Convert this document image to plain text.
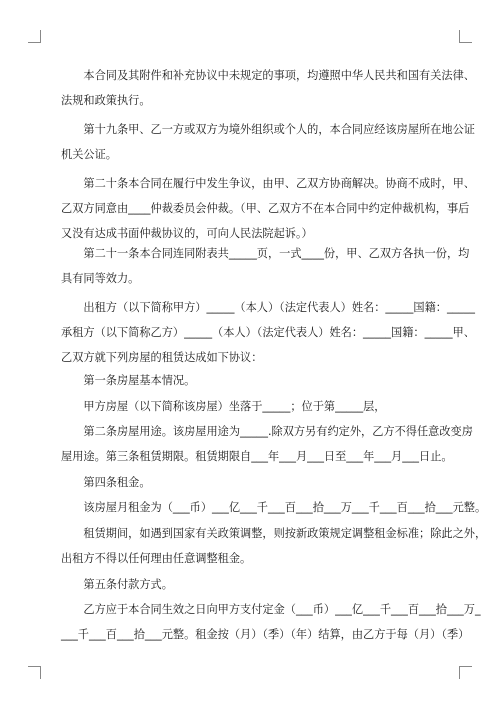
　　本合同及其附件和补充协议中未规定的事项，均遵照中华人民共和国有关法律、
法规和政策执行。
　　第十九条甲、乙一方或双方为境外组织或个人的，本合同应经该房屋所在地公证
机关公证。
　　第二十条本合同在履行中发生争议，由甲、乙双方协商解决。协商不成时，甲、
乙双方同意由____仲裁委员会仲裁。（甲、乙双方不在本合同中约定仲裁机构，事后
又没有达成书面仲裁协议的，可向人民法院起诉。）
　　第二十一条本合同连同附表共_____页，一式____份，甲、乙双方各执一份，均
具有同等效力。
　　出租方（以下简称甲方）_____（本人）（法定代表人）姓名：_____国籍：_____
承租方（以下简称乙方）_____（本人）（法定代表人）姓名：_____国籍：_____甲、
乙双方就下列房屋的租赁达成如下协议：
　　第一条房屋基本情况。
　　甲方房屋（以下简称该房屋）坐落于_____；位于第_____层，
　　第二条房屋用途。该房屋用途为_____.除双方另有约定外，乙方不得任意改变房
屋用途。第三条租赁期限。租赁期限自___年___月___日至___年___月___日止。
　　第四条租金。
　　该房屋月租金为（___币）___亿___千___百___拾___万___千___百___拾___元整。
　　租赁期间，如遇到国家有关政策调整，则按新政策规定调整租金标准；除此之外，
出租方不得以任何理由任意调整租金。
　　第五条付款方式。
　　乙方应于本合同生效之日向甲方支付定金（___币）___亿___千___百___拾___万_
___千___百___拾___元整。租金按（月）（季）（年）结算，由乙方于每（月）（季）
